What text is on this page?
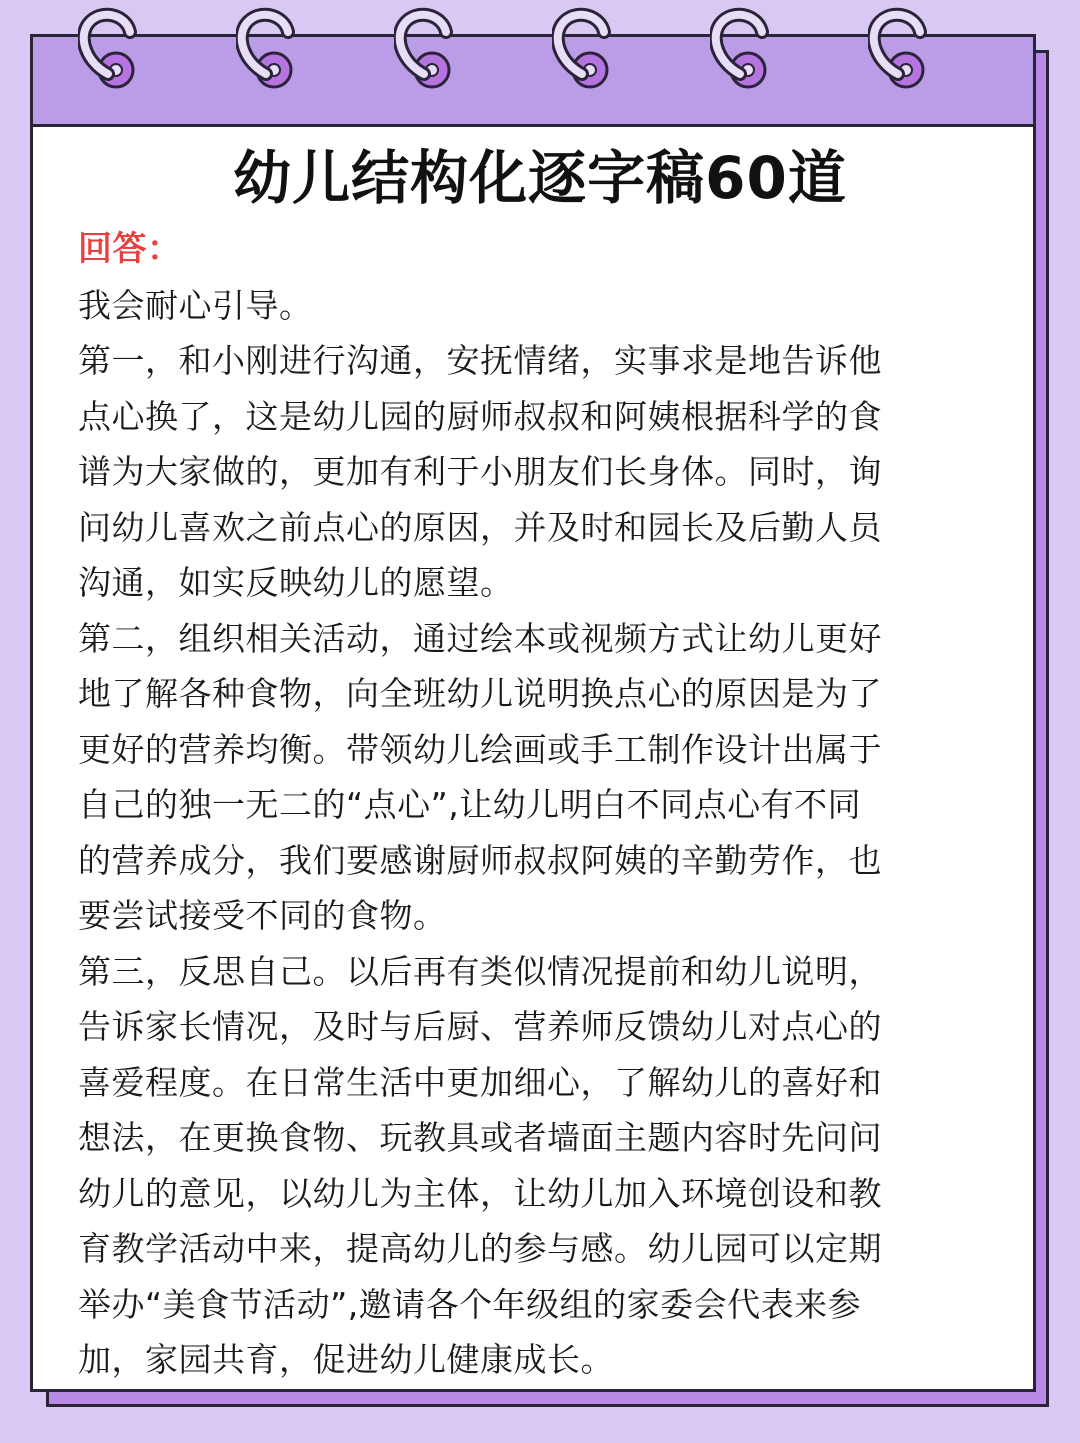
幼儿结构化逐字稿60道
回答：
我会耐心引导。
第一，和小刚进行沟通，安抚情绪，实事求是地告诉他
点心换了，这是幼儿园的厨师叔叔和阿姨根据科学的食
谱为大家做的，更加有利于小朋友们长身体。同时，询
问幼儿喜欢之前点心的原因，并及时和园长及后勤人员
沟通，如实反映幼儿的愿望。
第二，组织相关活动，通过绘本或视频方式让幼儿更好
地了解各种食物，向全班幼儿说明换点心的原因是为了
更好的营养均衡。带领幼儿绘画或手工制作设计出属于
自己的独一无二的“点心”,让幼儿明白不同点心有不同
的营养成分，我们要感谢厨师叔叔阿姨的辛勤劳作，也
要尝试接受不同的食物。
第三，反思自己。以后再有类似情况提前和幼儿说明，
告诉家长情况，及时与后厨、营养师反馈幼儿对点心的
喜爱程度。在日常生活中更加细心，了解幼儿的喜好和
想法，在更换食物、玩教具或者墙面主题内容时先问问
幼儿的意见，以幼儿为主体，让幼儿加入环境创设和教
育教学活动中来，提高幼儿的参与感。幼儿园可以定期
举办“美食节活动”,邀请各个年级组的家委会代表来参
加，家园共育，促进幼儿健康成长。
